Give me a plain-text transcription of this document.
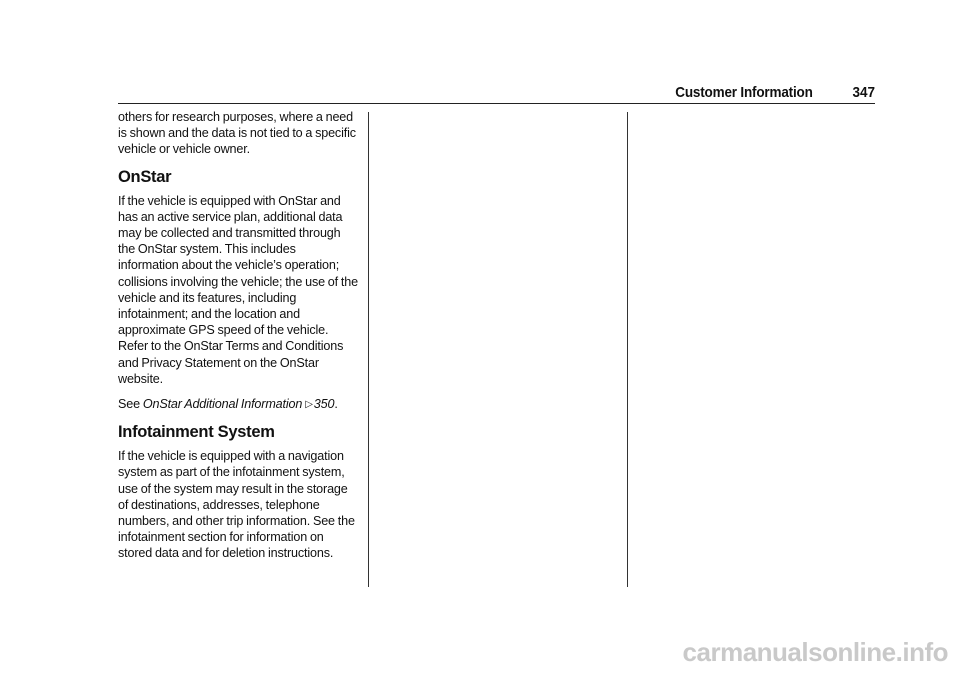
Customer Information	347

others for research purposes, where a need is shown and the data is not tied to a specific vehicle or vehicle owner.

OnStar

If the vehicle is equipped with OnStar and has an active service plan, additional data may be collected and transmitted through the OnStar system. This includes information about the vehicle’s operation; collisions involving the vehicle; the use of the vehicle and its features, including infotainment; and the location and approximate GPS speed of the vehicle. Refer to the OnStar Terms and Conditions and Privacy Statement on the OnStar website.

See OnStar Additional Information ▷350.

Infotainment System

If the vehicle is equipped with a navigation system as part of the infotainment system, use of the system may result in the storage of destinations, addresses, telephone numbers, and other trip information. See the infotainment section for information on stored data and for deletion instructions.

carmanualsonline.info
